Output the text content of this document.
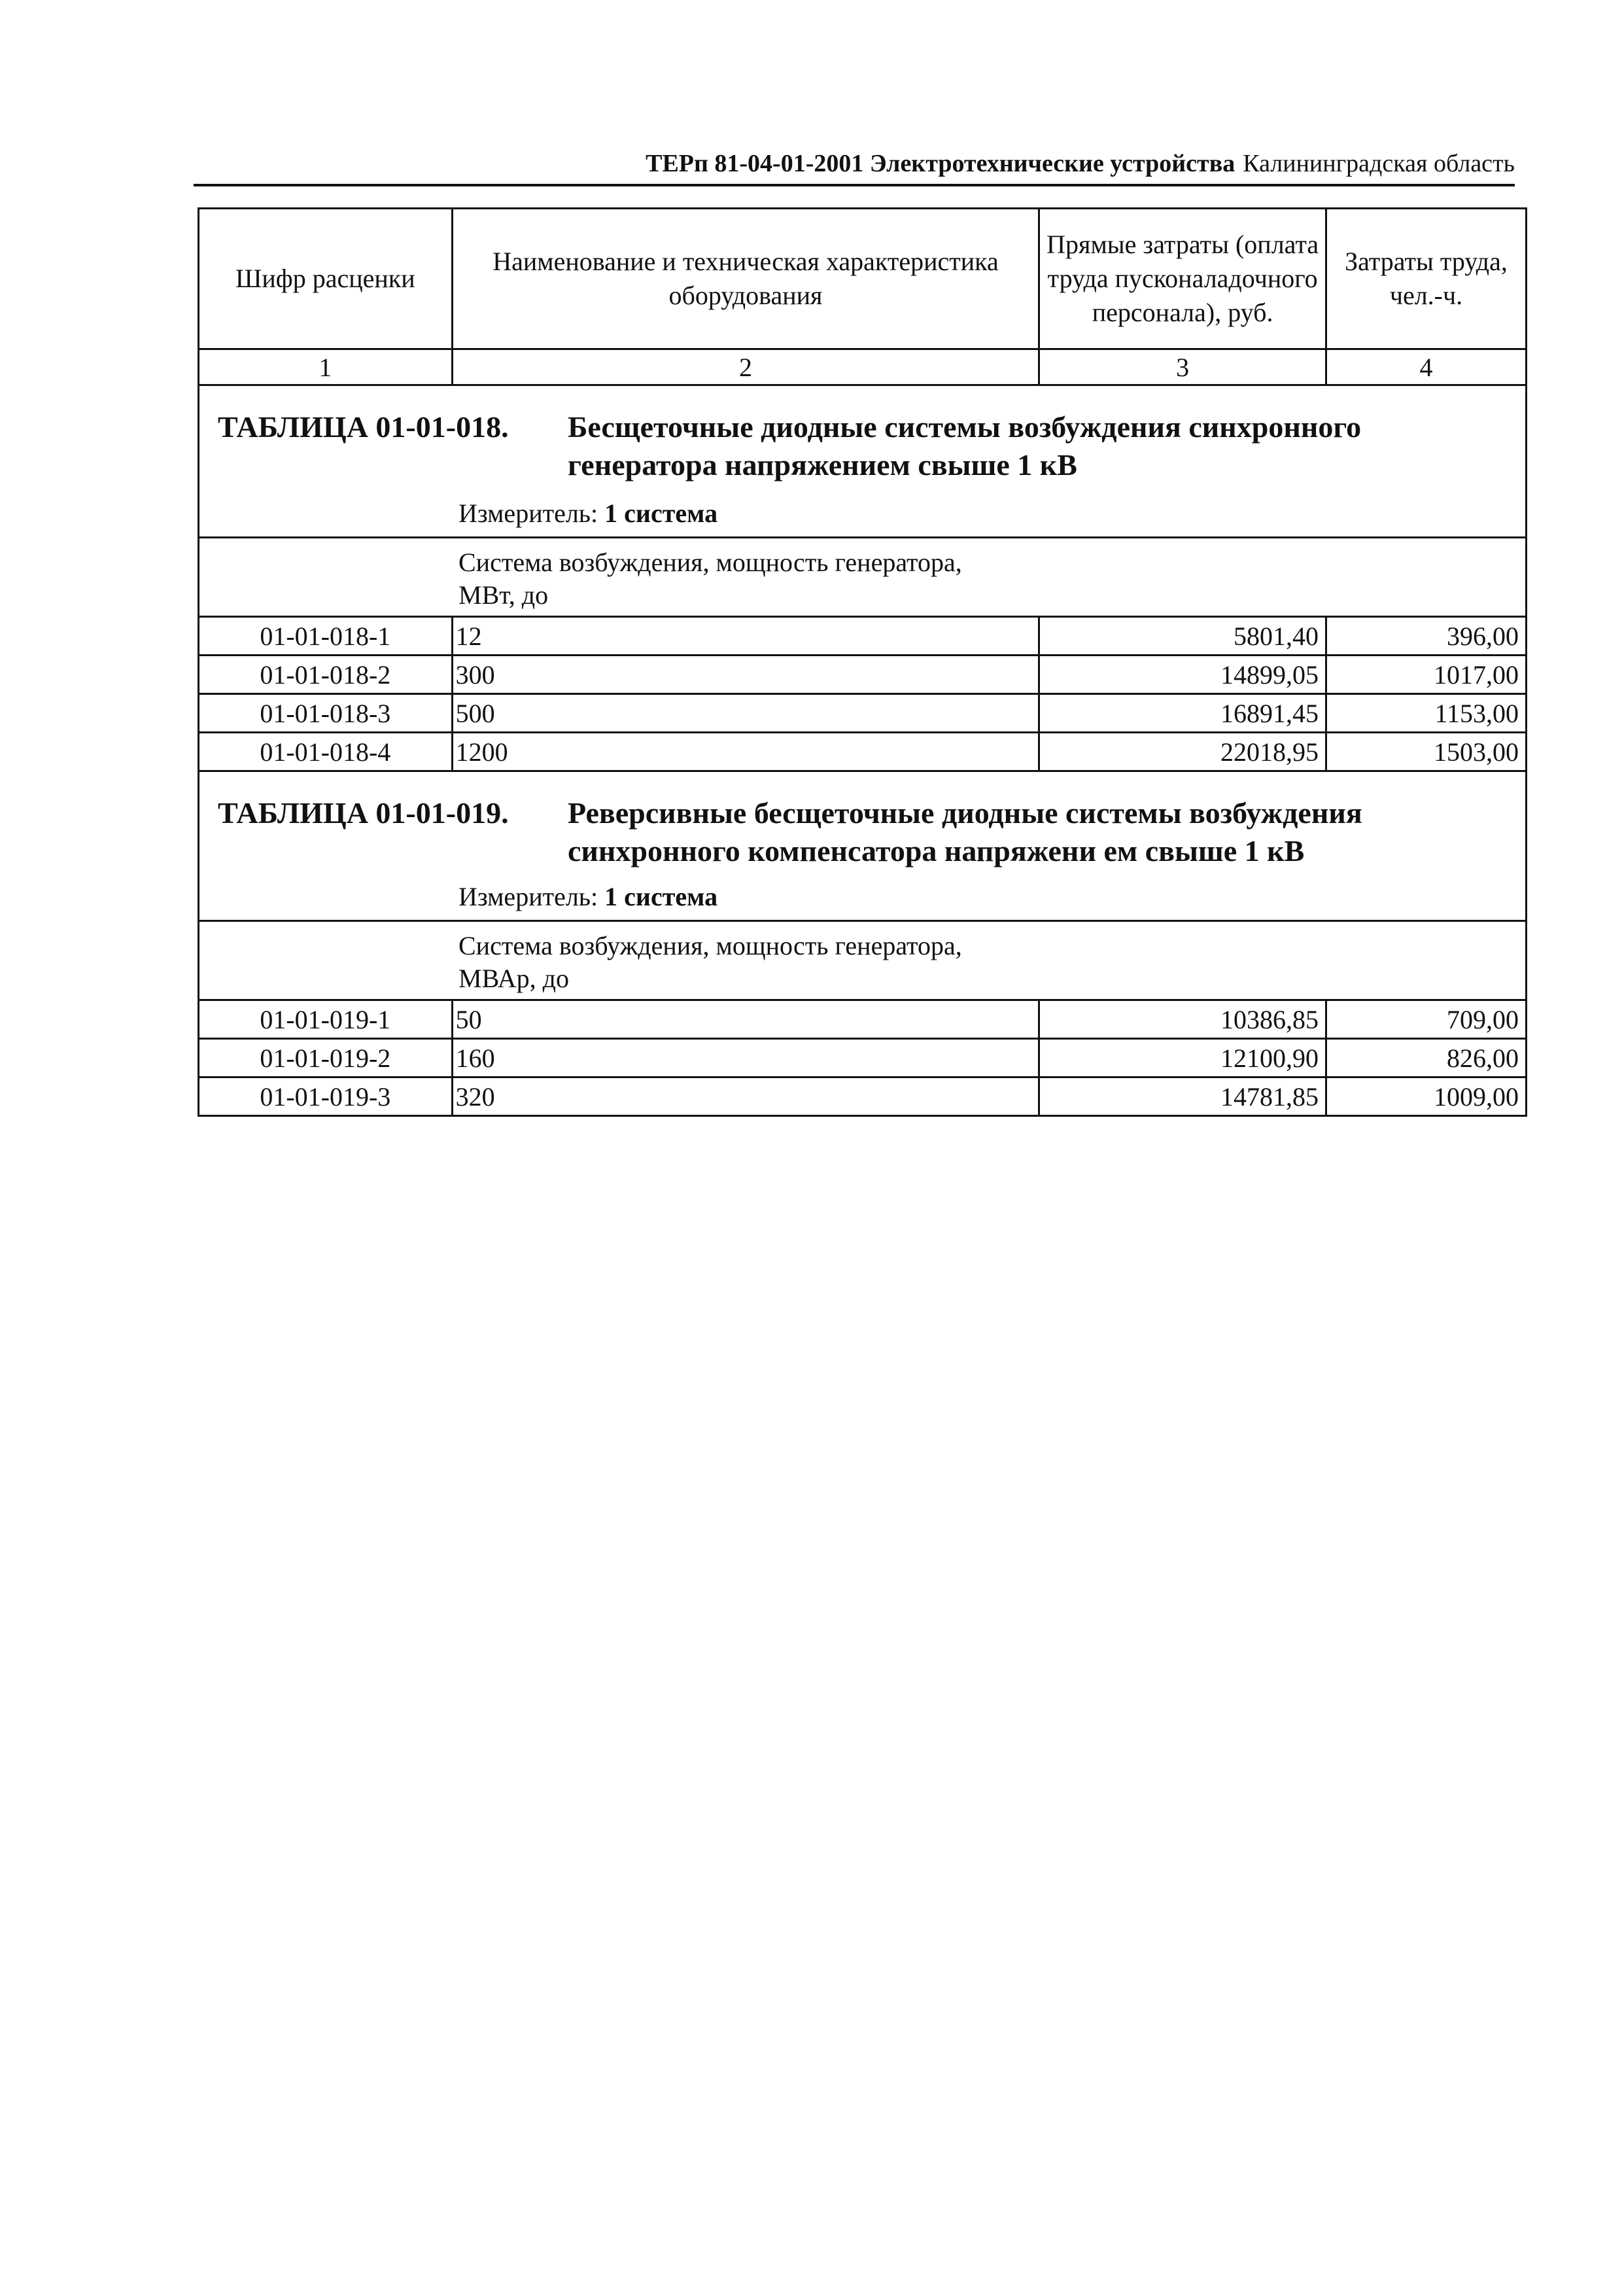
ТЕРп 81-04-01-2001 Электротехнические устройства Калининградская область
Шифр расценки	Наименование и техническая характеристика оборудования	Прямые затраты (оплата труда пусконаладочного персонала), руб.	Затраты труда, чел.-ч.
1	2	3	4

ТАБЛИЦА 01-01-018. Бесщеточные диодные системы возбуждения синхронного
генератора напряжением свыше 1 кВ
Измеритель: 1 система			

Система возбуждения, мощность генератора,
МВт, до			

01-01-018-1	12	5801,40	396,00
01-01-018-2	300	14899,05	1017,00
01-01-018-3	500	16891,45	1153,00
01-01-018-4	1200	22018,95	1503,00

ТАБЛИЦА 01-01-019. Реверсивные бесщеточные диодные системы возбуждения
синхронного компенсатора напряжени ем свыше 1 кВ
Измеритель: 1 система			

Система возбуждения, мощность генератора,
МВАр, до			

01-01-019-1	50	10386,85	709,00
01-01-019-2	160	12100,90	826,00
01-01-019-3	320	14781,85	1009,00
